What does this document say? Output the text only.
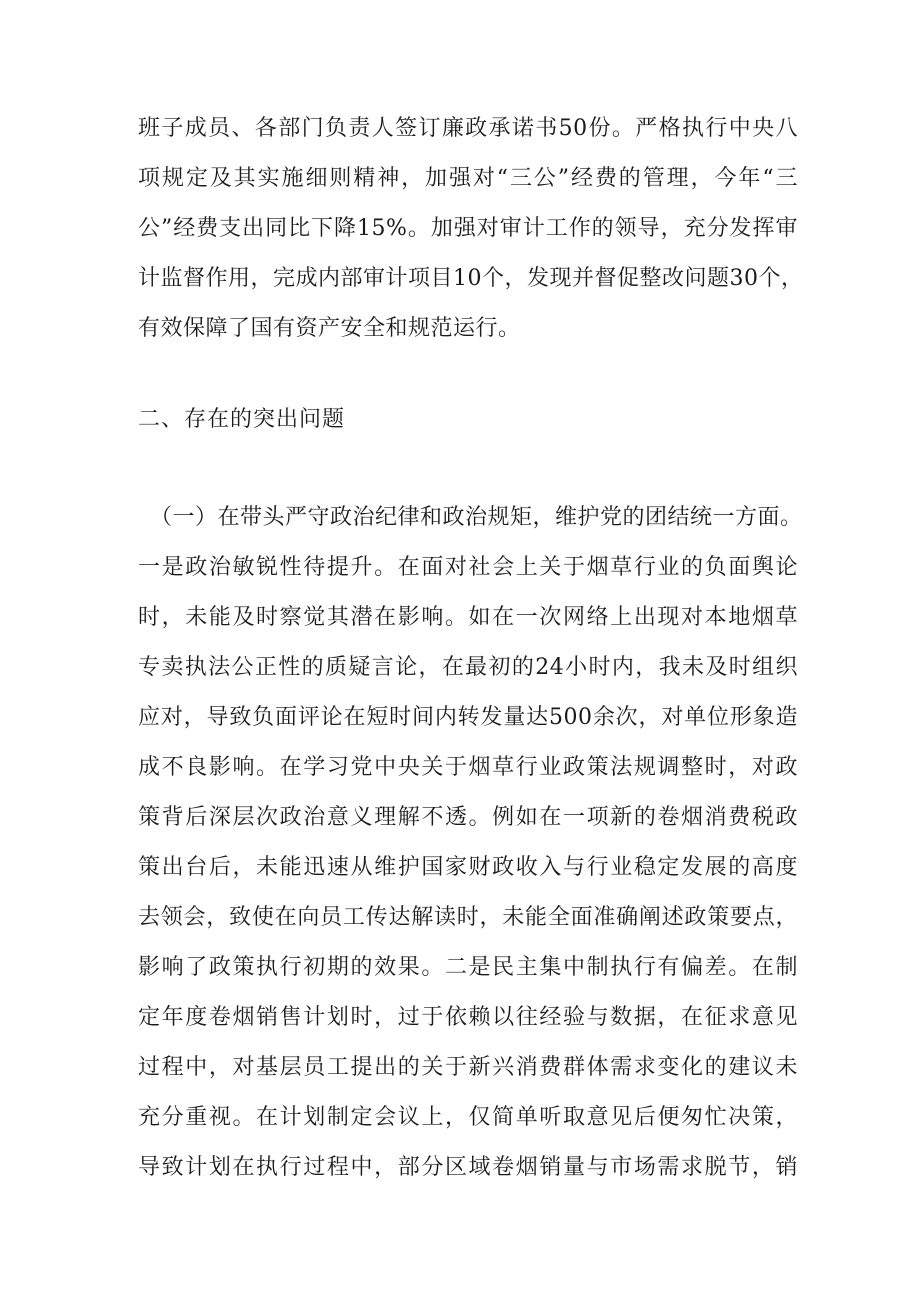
班子成员、各部门负责人签订廉政承诺书50份。严格执行中央八
项规定及其实施细则精神，加强对“三公”经费的管理，今年“三
公”经费支出同比下降15%。加强对审计工作的领导，充分发挥审
计监督作用，完成内部审计项目10个，发现并督促整改问题30个，
有效保障了国有资产安全和规范运行。
二、存在的突出问题
（一）在带头严守政治纪律和政治规矩，维护党的团结统一方面。
一是政治敏锐性待提升。在面对社会上关于烟草行业的负面舆论
时，未能及时察觉其潜在影响。如在一次网络上出现对本地烟草
专卖执法公正性的质疑言论，在最初的24小时内，我未及时组织
应对，导致负面评论在短时间内转发量达500余次，对单位形象造
成不良影响。在学习党中央关于烟草行业政策法规调整时，对政
策背后深层次政治意义理解不透。例如在一项新的卷烟消费税政
策出台后，未能迅速从维护国家财政收入与行业稳定发展的高度
去领会，致使在向员工传达解读时，未能全面准确阐述政策要点，
影响了政策执行初期的效果。二是民主集中制执行有偏差。在制
定年度卷烟销售计划时，过于依赖以往经验与数据，在征求意见
过程中，对基层员工提出的关于新兴消费群体需求变化的建议未
充分重视。在计划制定会议上，仅简单听取意见后便匆忙决策，
导致计划在执行过程中，部分区域卷烟销量与市场需求脱节，销
